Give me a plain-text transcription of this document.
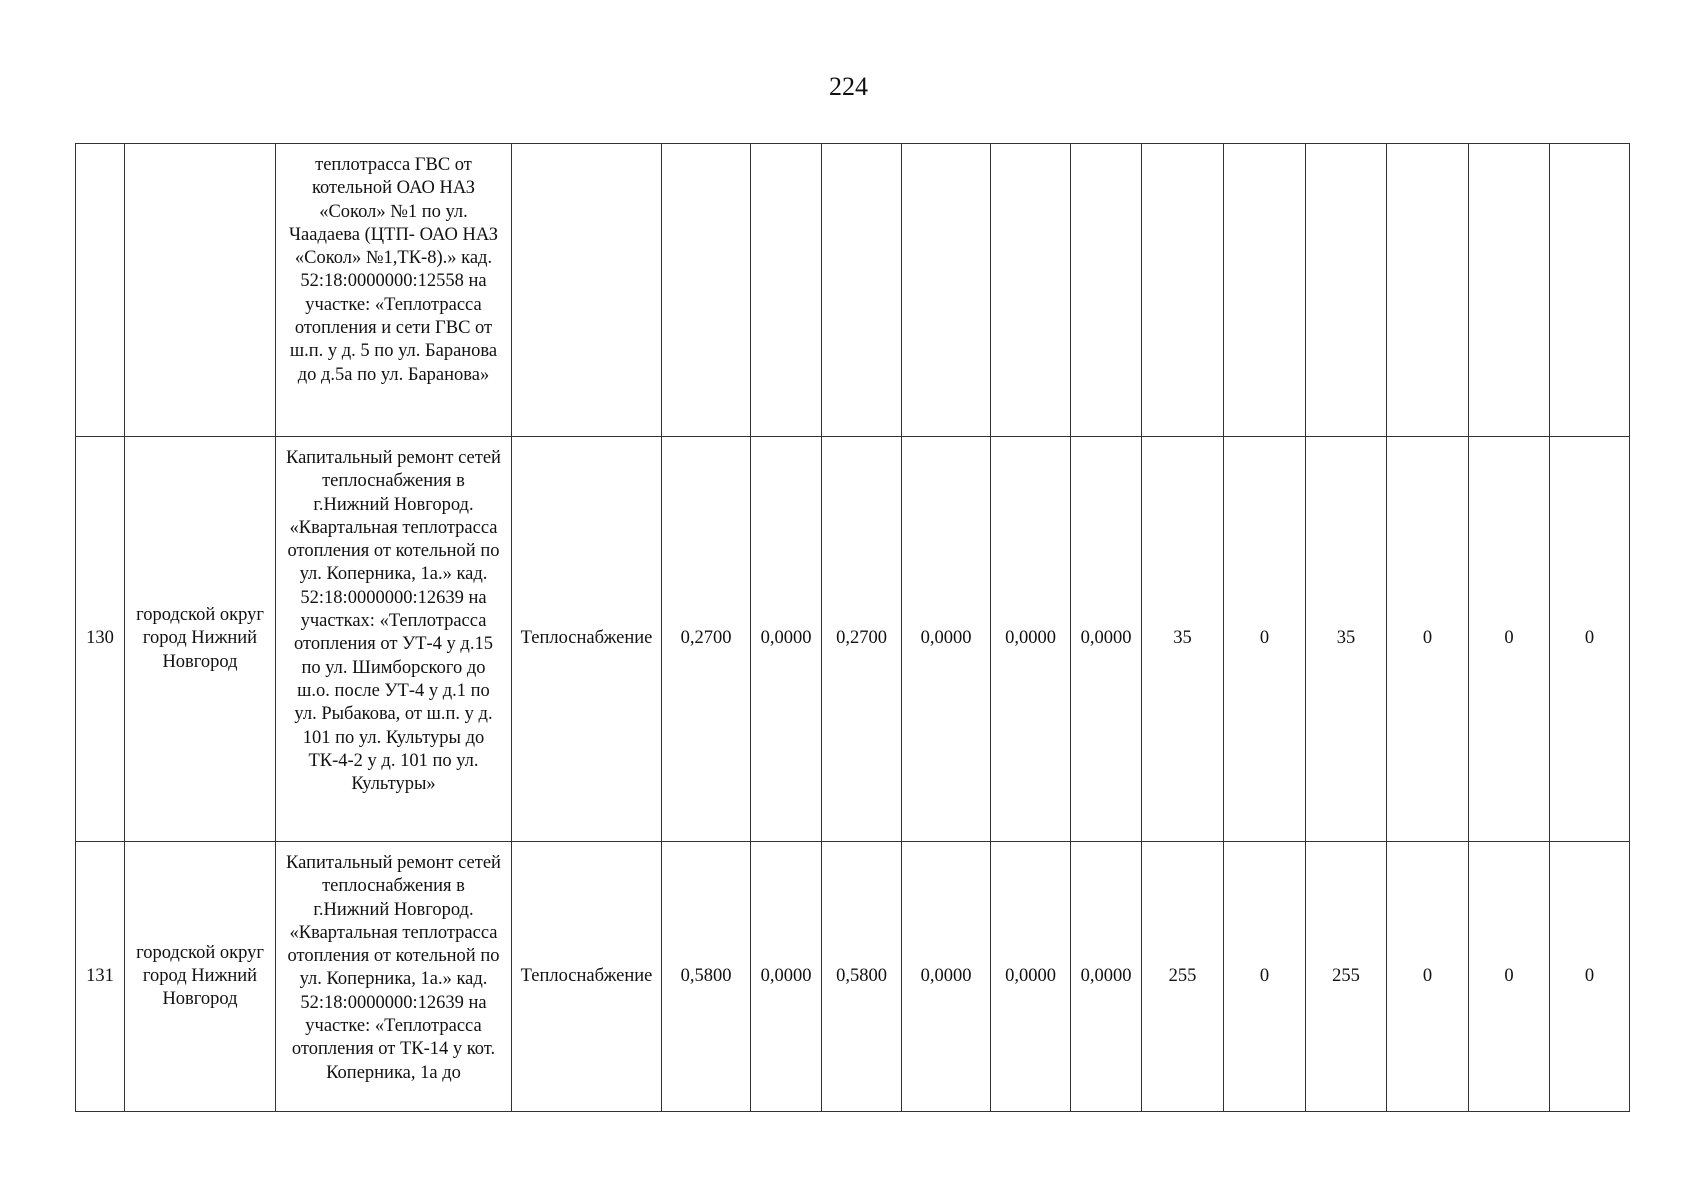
224
		теплотрасса ГВС от котельной ОАО НАЗ «Сокол» №1 по ул. Чаадаева (ЦТП- ОАО НАЗ «Сокол» №1,ТК-8).» кад. 52:18:0000000:12558 на участке: «Теплотрасса отопления и сети ГВС от ш.п. у д. 5 по ул. Баранова до д.5а по ул. Баранова»													
130	городской округ город Нижний Новгород	Капитальный ремонт сетей теплоснабжения в г.Нижний Новгород. «Квартальная теплотрасса отопления от котельной по ул. Коперника, 1а.» кад. 52:18:0000000:12639 на участках: «Теплотрасса отопления от УТ-4 у д.15 по ул. Шимборского до ш.о. после УТ-4 у д.1 по ул. Рыбакова, от ш.п. у д. 101 по ул. Культуры до ТК-4-2 у д. 101 по ул. Культуры»	Теплоснабжение	0,2700	0,0000	0,2700	0,0000	0,0000	0,0000	35	0	35	0	0	0
131	городской округ город Нижний Новгород	Капитальный ремонт сетей теплоснабжения в г.Нижний Новгород. «Квартальная теплотрасса отопления от котельной по ул. Коперника, 1а.» кад. 52:18:0000000:12639 на участке: «Теплотрасса отопления от ТК-14 у кот. Коперника, 1а до	Теплоснабжение	0,5800	0,0000	0,5800	0,0000	0,0000	0,0000	255	0	255	0	0	0
